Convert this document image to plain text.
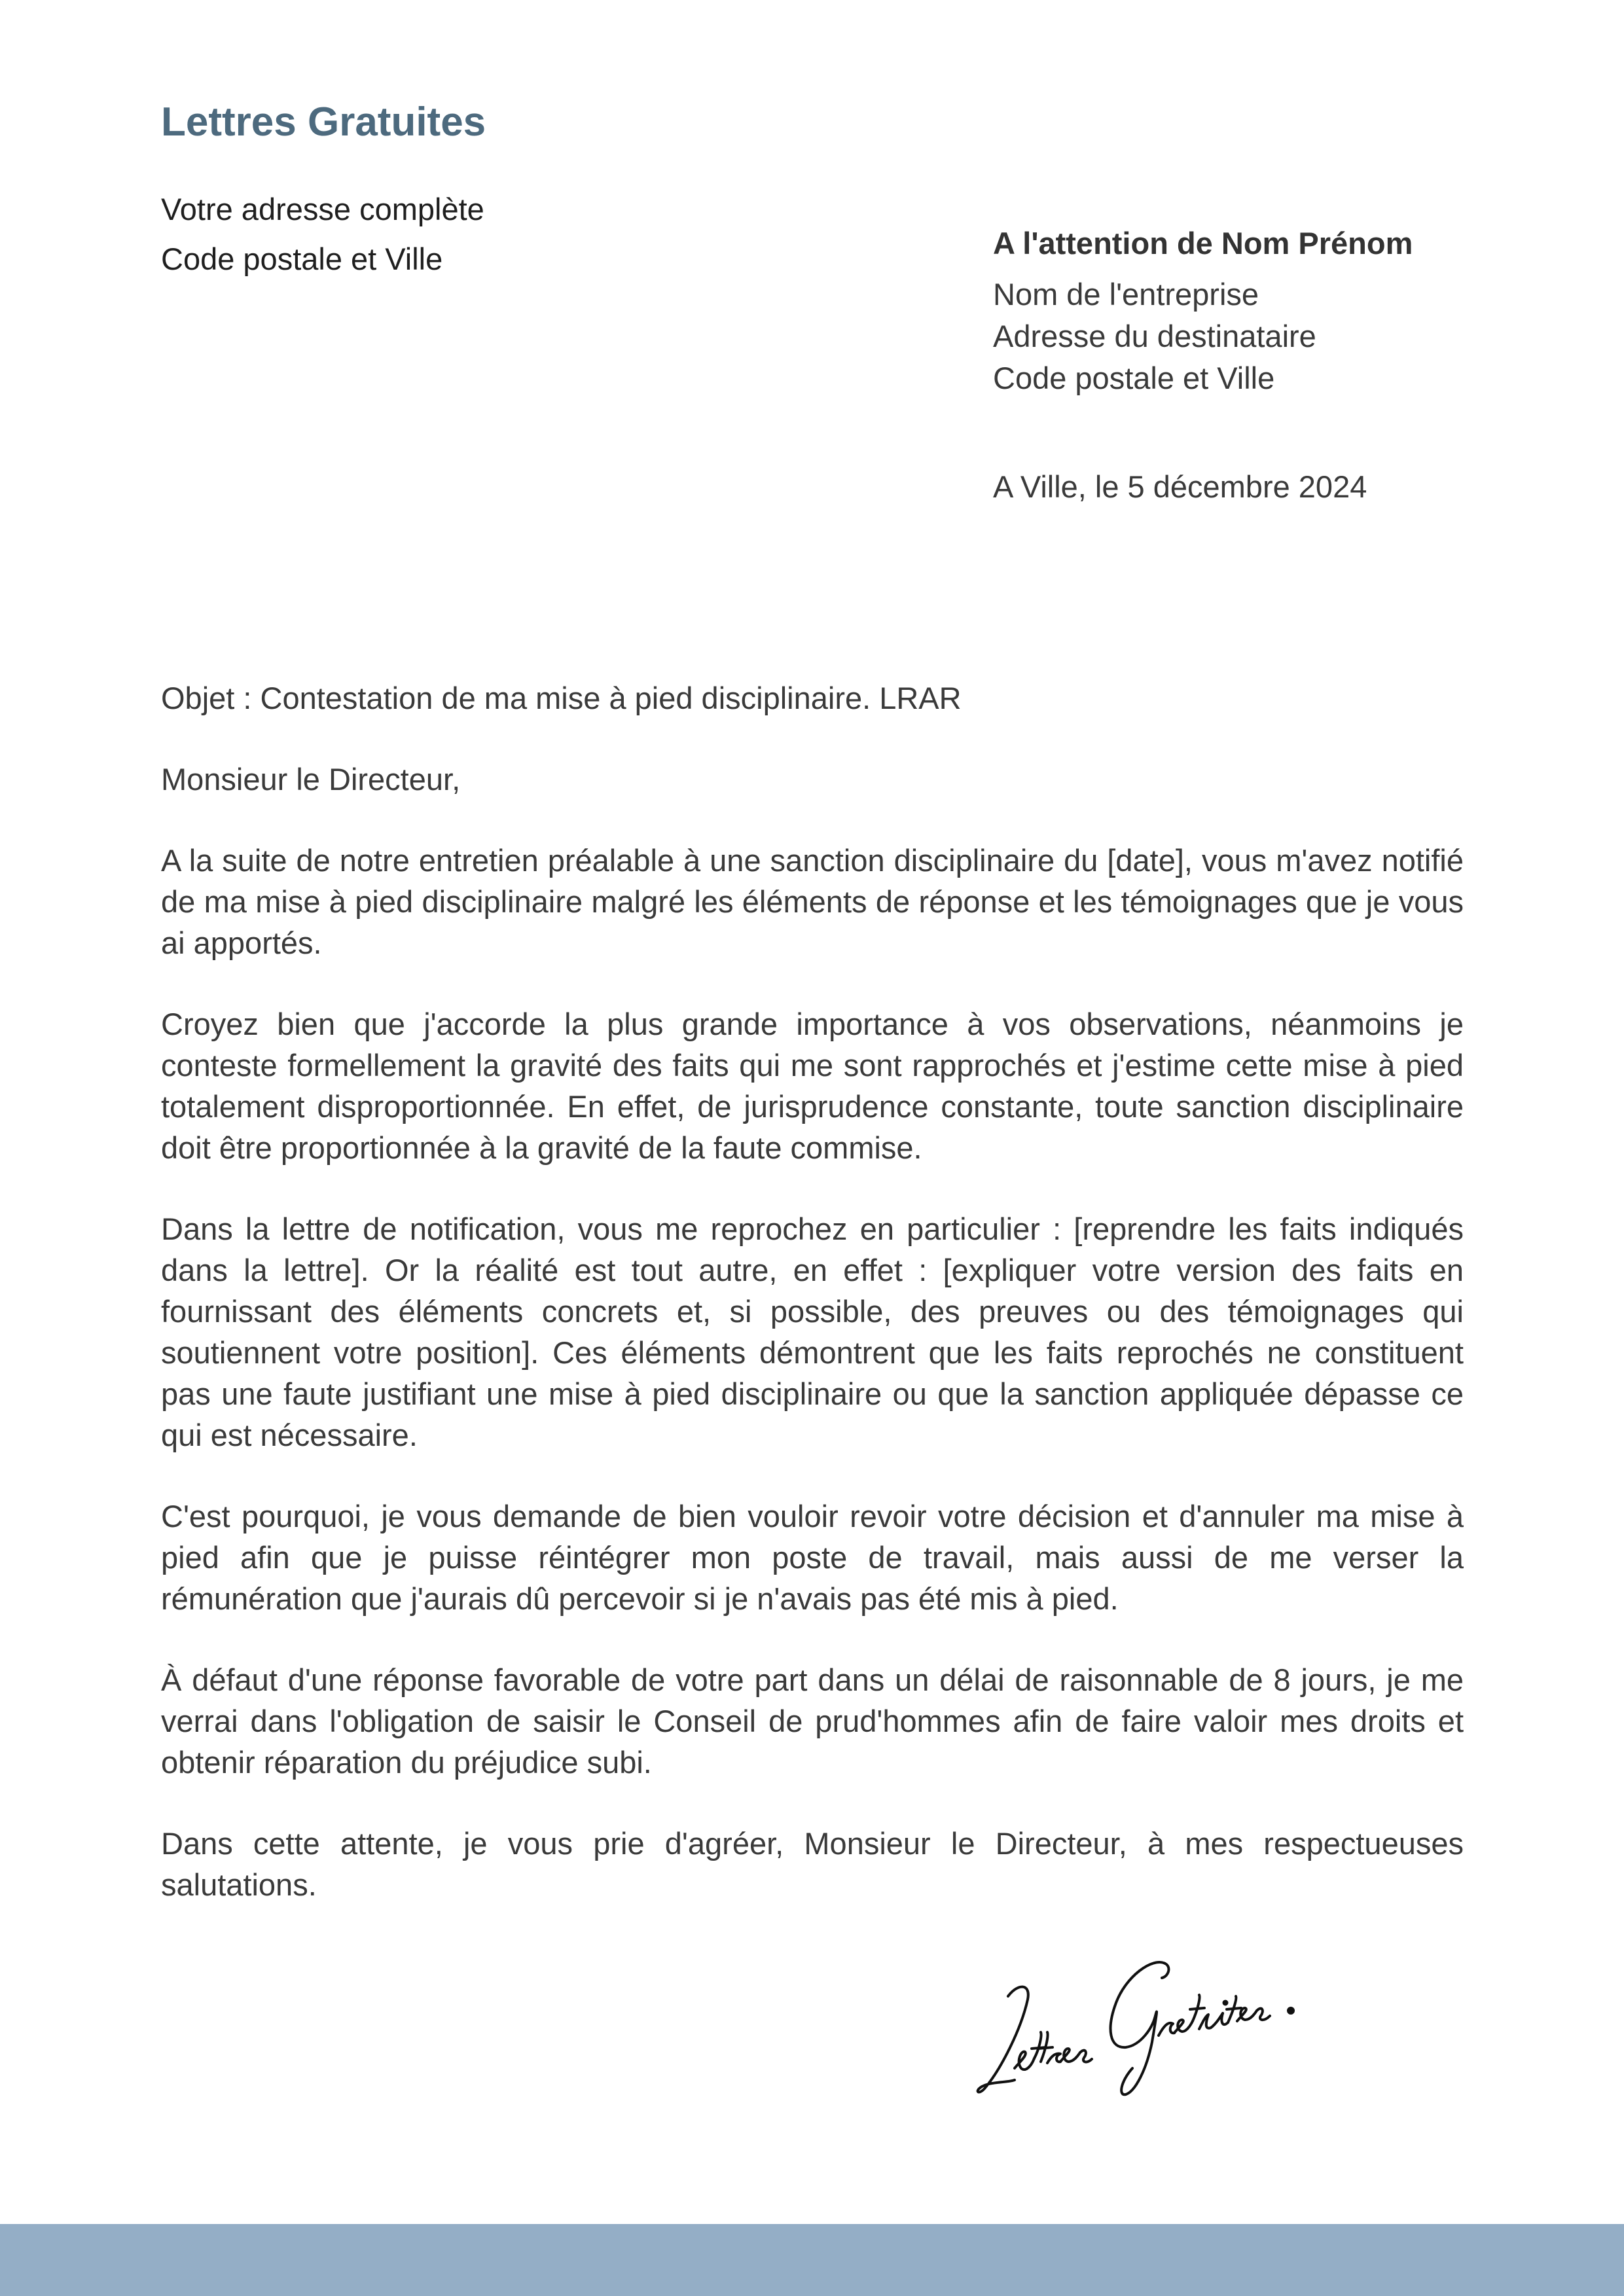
Lettres Gratuites
Votre adresse complète
Code postale et Ville	A l'attention de Nom Prénom
Nom de l'entreprise
Adresse du destinataire
Code postale et Ville
A Ville, le 5 décembre 2024

Objet : Contestation de ma mise à pied disciplinaire. LRAR

Monsieur le Directeur,

A la suite de notre entretien préalable à une sanction disciplinaire du [date], vous m'avez notifié de ma mise à pied disciplinaire malgré les éléments de réponse et les témoignages que je vous ai apportés.

Croyez bien que j'accorde la plus grande importance à vos observations, néanmoins je conteste formellement la gravité des faits qui me sont rapprochés et j'estime cette mise à pied totalement disproportionnée. En effet, de jurisprudence constante, toute sanction disciplinaire doit être proportionnée à la gravité de la faute commise.

Dans la lettre de notification, vous me reprochez en particulier : [reprendre les faits indiqués dans la lettre]. Or la réalité est tout autre, en effet : [expliquer votre version des faits en fournissant des éléments concrets et, si possible, des preuves ou des témoignages qui soutiennent votre position]. Ces éléments démontrent que les faits reprochés ne constituent pas une faute justifiant une mise à pied disciplinaire ou que la sanction appliquée dépasse ce qui est nécessaire.

C'est pourquoi, je vous demande de bien vouloir revoir votre décision et d'annuler ma mise à pied afin que je puisse réintégrer mon poste de travail, mais aussi de me verser la rémunération que j'aurais dû percevoir si je n'avais pas été mis à pied.

À défaut d'une réponse favorable de votre part dans un délai de raisonnable de 8 jours, je me verrai dans l'obligation de saisir le Conseil de prud'hommes afin de faire valoir mes droits et obtenir réparation du préjudice subi.

Dans cette attente, je vous prie d'agréer, Monsieur le Directeur, à mes respectueuses salutations.
